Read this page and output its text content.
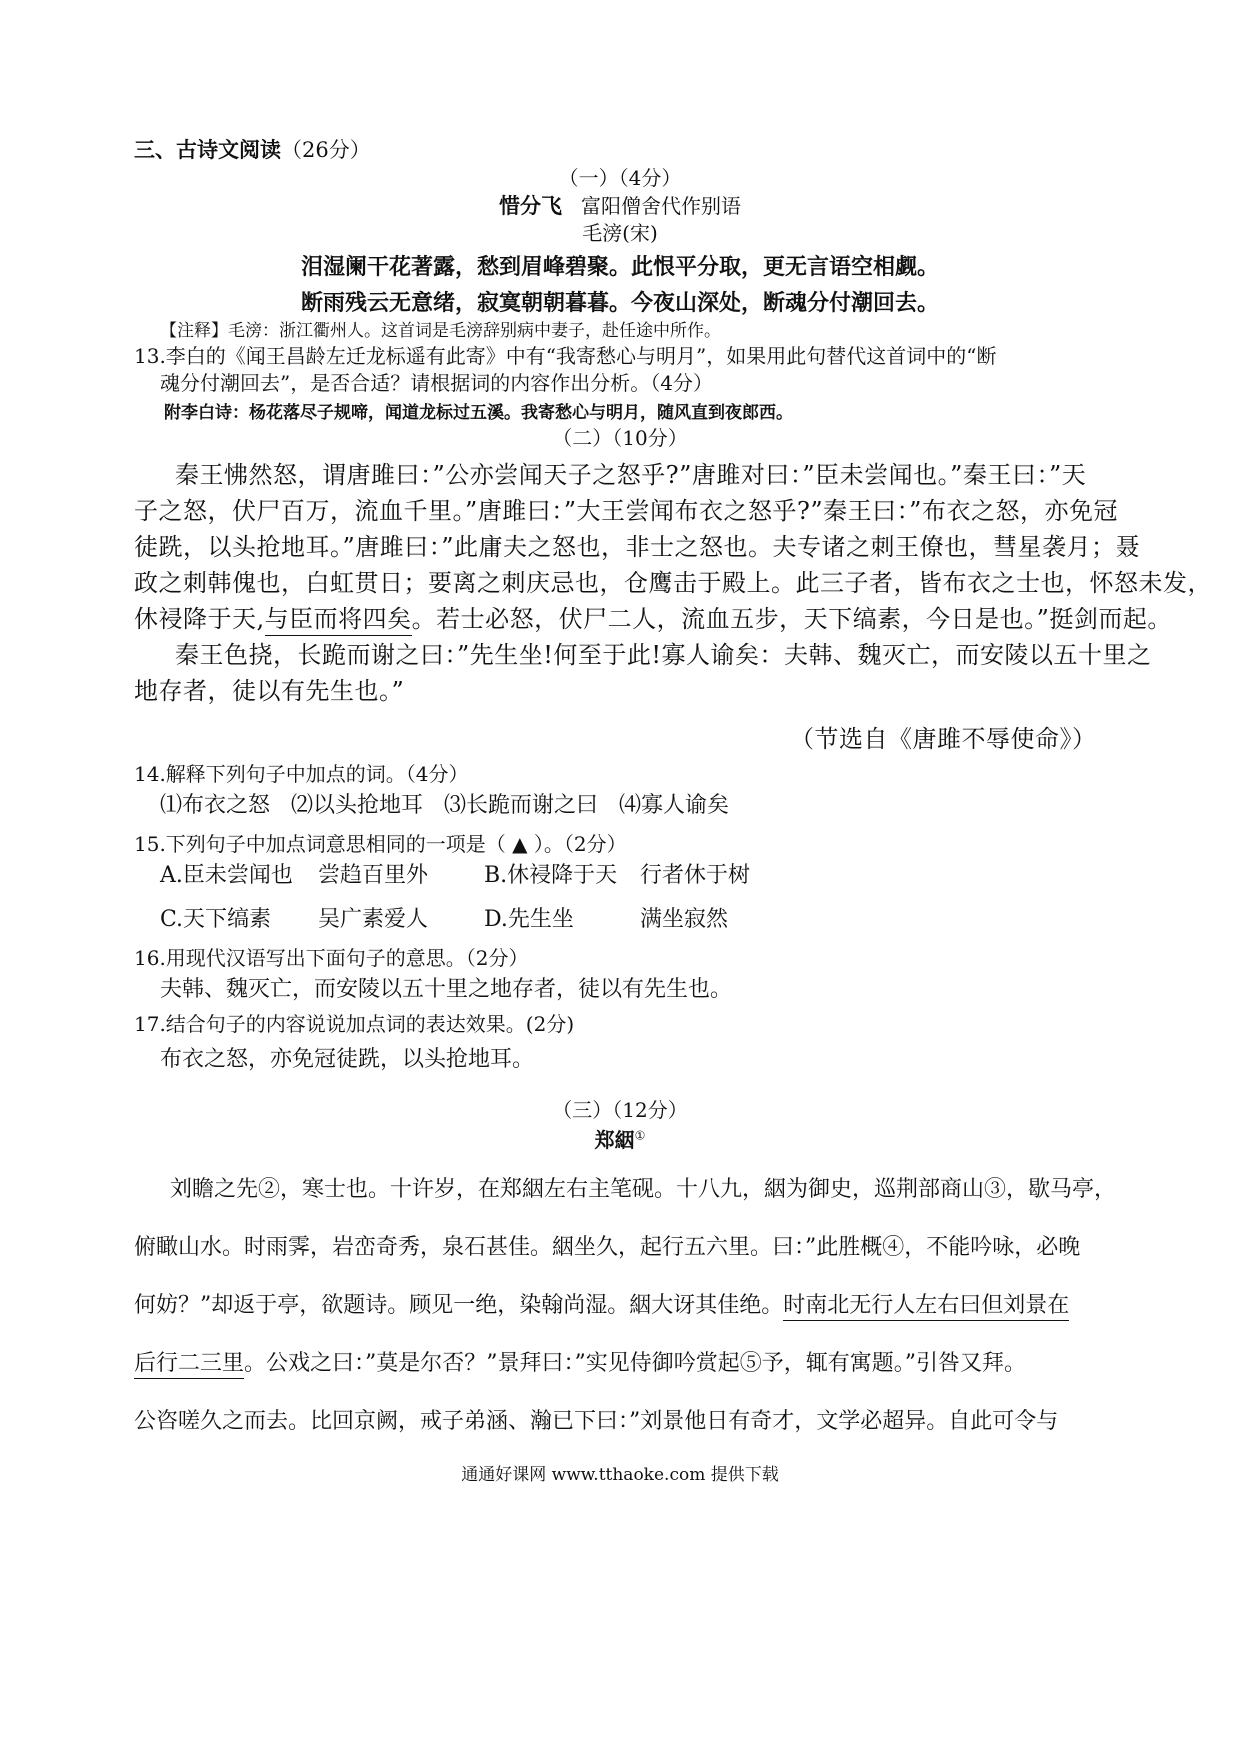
三、古诗文阅读（26分）
（一）（4分）
惜分飞 富阳僧舍代作别语
毛滂(宋)
泪湿阑干花著露，愁到眉峰碧聚。此恨平分取，更无言语空相觑。
断雨残云无意绪，寂寞朝朝暮暮。今夜山深处，断魂分付潮回去。
【注释】毛滂：浙江衢州人。这首词是毛滂辞别病中妻子，赴任途中所作。
13.李白的《闻王昌龄左迁龙标遥有此寄》中有“我寄愁心与明月”，如果用此句替代这首词中的“断
魂分付潮回去”，是否合适？请根据词的内容作出分析。（4分）
附李白诗：杨花落尽子规啼，闻道龙标过五溪。我寄愁心与明月，随风直到夜郎西。
（二）（10分）
秦王怫然怒，谓唐雎曰：”公亦尝闻天子之怒乎?”唐雎对曰：”臣未尝闻也。”秦王曰：”天
子之怒，伏尸百万，流血千里。”唐雎曰：”大王尝闻布衣之怒乎?”秦王曰：”布衣之怒，亦免冠
徒跣，以头抢地耳。”唐雎曰：”此庸夫之怒也，非士之怒也。夫专诸之刺王僚也，彗星袭月；聂
政之刺韩傀也，白虹贯日；要离之刺庆忌也，仓鹰击于殿上。此三子者，皆布衣之士也，怀怒未发，
休祲降于天,与臣而将四矣。若士必怒，伏尸二人，流血五步，天下缟素，今日是也。”挺剑而起。
秦王色挠，长跪而谢之曰：”先生坐!何至于此!寡人谕矣：夫韩、魏灭亡，而安陵以五十里之
地存者，徒以有先生也。”
（节选自《唐雎不辱使命》）
14.解释下列句子中加点的词。（4分）
⑴布衣之怒 ⑵以头抢地耳 ⑶长跪而谢之曰 ⑷寡人谕矣
15.下列句子中加点词意思相同的一项是（ ▲ ）。（2分）
A.臣未尝闻也 尝趋百里外	B.休祲降于天 行者休于树
C.天下缟素 吴广素爱人	D.先生坐	满坐寂然
16.用现代汉语写出下面句子的意思。（2分）
夫韩、魏灭亡，而安陵以五十里之地存者，徒以有先生也。
17.结合句子的内容说说加点词的表达效果。(2分)
布衣之怒，亦免冠徒跣，以头抢地耳。
（三）（12分）
郑絪①
刘瞻之先②，寒士也。十许岁，在郑絪左右主笔砚。十八九，絪为御史，巡荆部商山③，歇马亭，
俯瞰山水。时雨霁，岩峦奇秀，泉石甚佳。絪坐久，起行五六里。曰：”此胜概④，不能吟咏，必晚
何妨？”却返于亭，欲题诗。顾见一绝，染翰尚湿。絪大讶其佳绝。时南北无行人左右曰但刘景在
后行二三里。公戏之曰：”莫是尔否？”景拜曰：”实见侍御吟赏起⑤予，辄有寓题。”引咎又拜。
公咨嗟久之而去。比回京阙，戒子弟涵、瀚已下曰：”刘景他日有奇才，文学必超异。自此可令与
通通好课网 www.tthaoke.com 提供下载
